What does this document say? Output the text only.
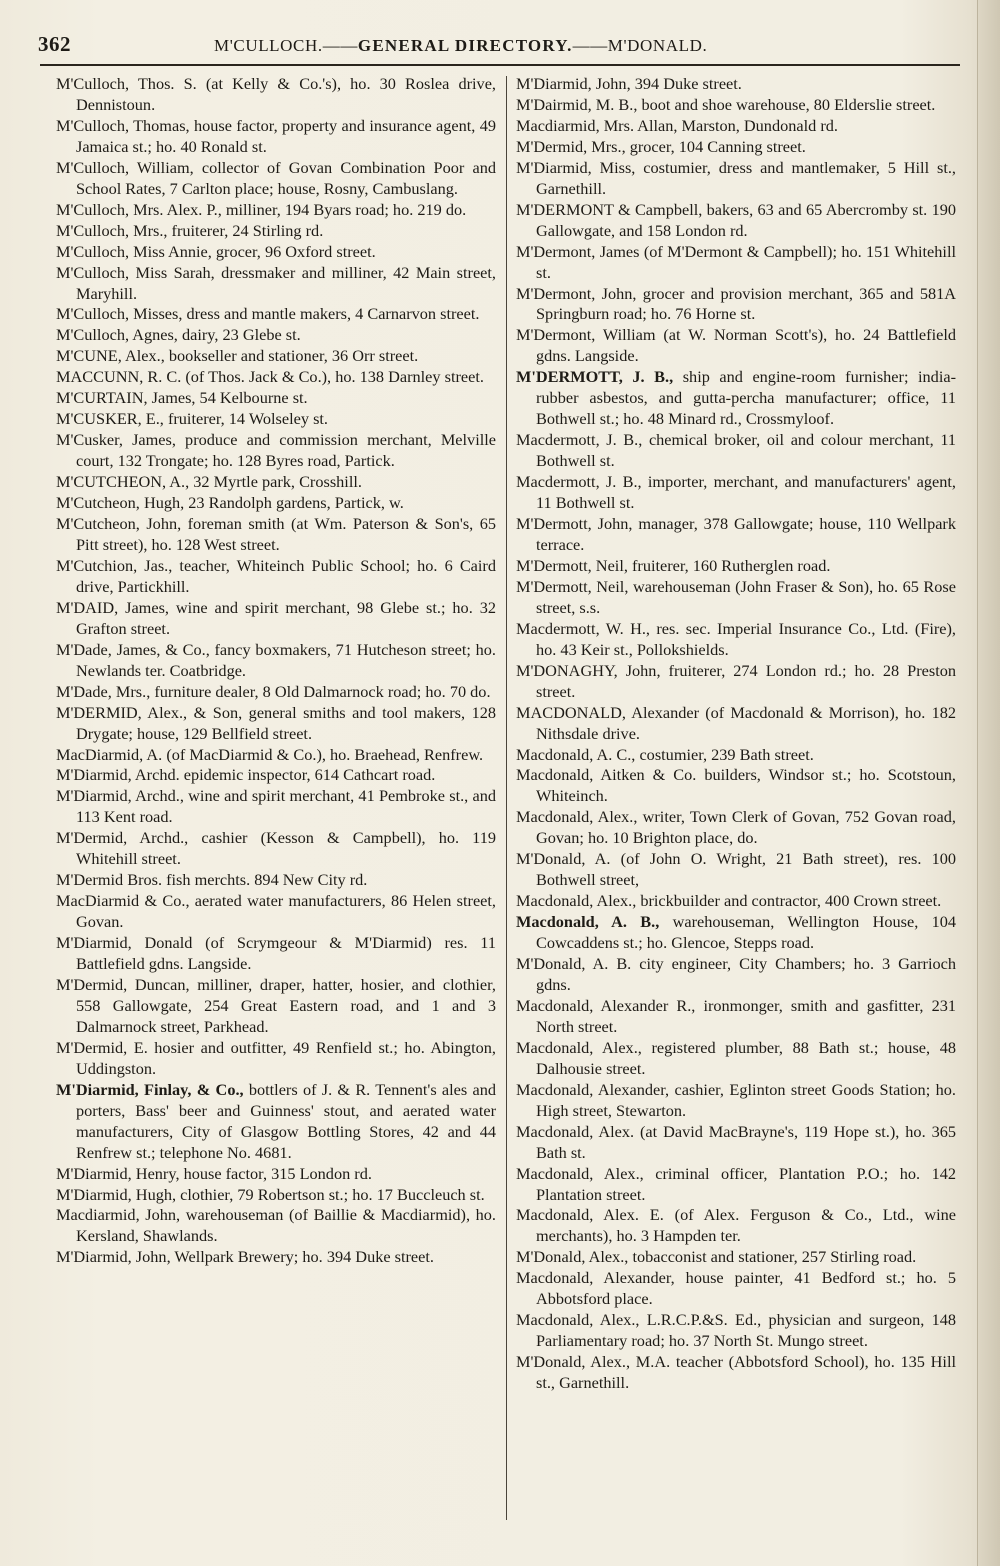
362	M'CULLOCH.——GENERAL DIRECTORY.——M'DONALD.

M'Culloch, Thos. S. (at Kelly & Co.'s), ho. 30 Roslea drive, Dennistoun.

M'Culloch, Thomas, house factor, property and insurance agent, 49 Jamaica st.; ho. 40 Ronald st.

M'Culloch, William, collector of Govan Combination Poor and School Rates, 7 Carlton place; house, Rosny, Cambuslang.

M'Culloch, Mrs. Alex. P., milliner, 194 Byars road; ho. 219 do.

M'Culloch, Mrs., fruiterer, 24 Stirling rd.

M'Culloch, Miss Annie, grocer, 96 Oxford street.

M'Culloch, Miss Sarah, dressmaker and milliner, 42 Main street, Maryhill.

M'Culloch, Misses, dress and mantle makers, 4 Carnarvon street.

M'Culloch, Agnes, dairy, 23 Glebe st.

M'CUNE, Alex., bookseller and stationer, 36 Orr street.

MACCUNN, R. C. (of Thos. Jack & Co.), ho. 138 Darnley street.

M'CURTAIN, James, 54 Kelbourne st.

M'CUSKER, E., fruiterer, 14 Wolseley st.

M'Cusker, James, produce and commission merchant, Melville court, 132 Trongate; ho. 128 Byres road, Partick.

M'CUTCHEON, A., 32 Myrtle park, Crosshill.

M'Cutcheon, Hugh, 23 Randolph gardens, Partick, w.

M'Cutcheon, John, foreman smith (at Wm. Paterson & Son's, 65 Pitt street), ho. 128 West street.

M'Cutchion, Jas., teacher, Whiteinch Public School; ho. 6 Caird drive, Partickhill.

M'DAID, James, wine and spirit merchant, 98 Glebe st.; ho. 32 Grafton street.

M'Dade, James, & Co., fancy boxmakers, 71 Hutcheson street; ho. Newlands ter. Coatbridge.

M'Dade, Mrs., furniture dealer, 8 Old Dalmarnock road; ho. 70 do.

M'DERMID, Alex., & Son, general smiths and tool makers, 128 Drygate; house, 129 Bellfield street.

MacDiarmid, A. (of MacDiarmid & Co.), ho. Braehead, Renfrew.

M'Diarmid, Archd. epidemic inspector, 614 Cathcart road.

M'Diarmid, Archd., wine and spirit merchant, 41 Pembroke st., and 113 Kent road.

M'Dermid, Archd., cashier (Kesson & Campbell), ho. 119 Whitehill street.

M'Dermid Bros. fish merchts. 894 New City rd.

MacDiarmid & Co., aerated water manufacturers, 86 Helen street, Govan.

M'Diarmid, Donald (of Scrymgeour & M'Diarmid) res. 11 Battlefield gdns. Langside.

M'Dermid, Duncan, milliner, draper, hatter, hosier, and clothier, 558 Gallowgate, 254 Great Eastern road, and 1 and 3 Dalmarnock street, Parkhead.

M'Dermid, E. hosier and outfitter, 49 Renfield st.; ho. Abington, Uddingston.

M'Diarmid, Finlay, & Co., bottlers of J. & R. Tennent's ales and porters, Bass' beer and Guinness' stout, and aerated water manufacturers, City of Glasgow Bottling Stores, 42 and 44 Renfrew st.; telephone No. 4681.

M'Diarmid, Henry, house factor, 315 London rd.

M'Diarmid, Hugh, clothier, 79 Robertson st.; ho. 17 Buccleuch st.

Macdiarmid, John, warehouseman (of Baillie & Macdiarmid), ho. Kersland, Shawlands.

M'Diarmid, John, Wellpark Brewery; ho. 394 Duke street.

M'Diarmid, John, 394 Duke street.

M'Dairmid, M. B., boot and shoe warehouse, 80 Elderslie street.

Macdiarmid, Mrs. Allan, Marston, Dundonald rd.

M'Dermid, Mrs., grocer, 104 Canning street.

M'Diarmid, Miss, costumier, dress and mantlemaker, 5 Hill st., Garnethill.

M'DERMONT & Campbell, bakers, 63 and 65 Abercromby st. 190 Gallowgate, and 158 London rd.

M'Dermont, James (of M'Dermont & Campbell); ho. 151 Whitehill st.

M'Dermont, John, grocer and provision merchant, 365 and 581A Springburn road; ho. 76 Horne st.

M'Dermont, William (at W. Norman Scott's), ho. 24 Battlefield gdns. Langside.

M'DERMOTT, J. B., ship and engine-room furnisher; india-rubber asbestos, and gutta-percha manufacturer; office, 11 Bothwell st.; ho. 48 Minard rd., Crossmyloof.

Macdermott, J. B., chemical broker, oil and colour merchant, 11 Bothwell st.

Macdermott, J. B., importer, merchant, and manufacturers' agent, 11 Bothwell st.

M'Dermott, John, manager, 378 Gallowgate; house, 110 Wellpark terrace.

M'Dermott, Neil, fruiterer, 160 Rutherglen road.

M'Dermott, Neil, warehouseman (John Fraser & Son), ho. 65 Rose street, s.s.

Macdermott, W. H., res. sec. Imperial Insurance Co., Ltd. (Fire), ho. 43 Keir st., Pollokshields.

M'DONAGHY, John, fruiterer, 274 London rd.; ho. 28 Preston street.

MACDONALD, Alexander (of Macdonald & Morrison), ho. 182 Nithsdale drive.

Macdonald, A. C., costumier, 239 Bath street.

Macdonald, Aitken & Co. builders, Windsor st.; ho. Scotstoun, Whiteinch.

Macdonald, Alex., writer, Town Clerk of Govan, 752 Govan road, Govan; ho. 10 Brighton place, do.

M'Donald, A. (of John O. Wright, 21 Bath street), res. 100 Bothwell street,

Macdonald, Alex., brickbuilder and contractor, 400 Crown street.

Macdonald, A. B., warehouseman, Wellington House, 104 Cowcaddens st.; ho. Glencoe, Stepps road.

M'Donald, A. B. city engineer, City Chambers; ho. 3 Garrioch gdns.

Macdonald, Alexander R., ironmonger, smith and gasfitter, 231 North street.

Macdonald, Alex., registered plumber, 88 Bath st.; house, 48 Dalhousie street.

Macdonald, Alexander, cashier, Eglinton street Goods Station; ho. High street, Stewarton.

Macdonald, Alex. (at David MacBrayne's, 119 Hope st.), ho. 365 Bath st.

Macdonald, Alex., criminal officer, Plantation P.O.; ho. 142 Plantation street.

Macdonald, Alex. E. (of Alex. Ferguson & Co., Ltd., wine merchants), ho. 3 Hampden ter.

M'Donald, Alex., tobacconist and stationer, 257 Stirling road.

Macdonald, Alexander, house painter, 41 Bedford st.; ho. 5 Abbotsford place.

Macdonald, Alex., L.R.C.P.&S. Ed., physician and surgeon, 148 Parliamentary road; ho. 37 North St. Mungo street.

M'Donald, Alex., M.A. teacher (Abbotsford School), ho. 135 Hill st., Garnethill.
